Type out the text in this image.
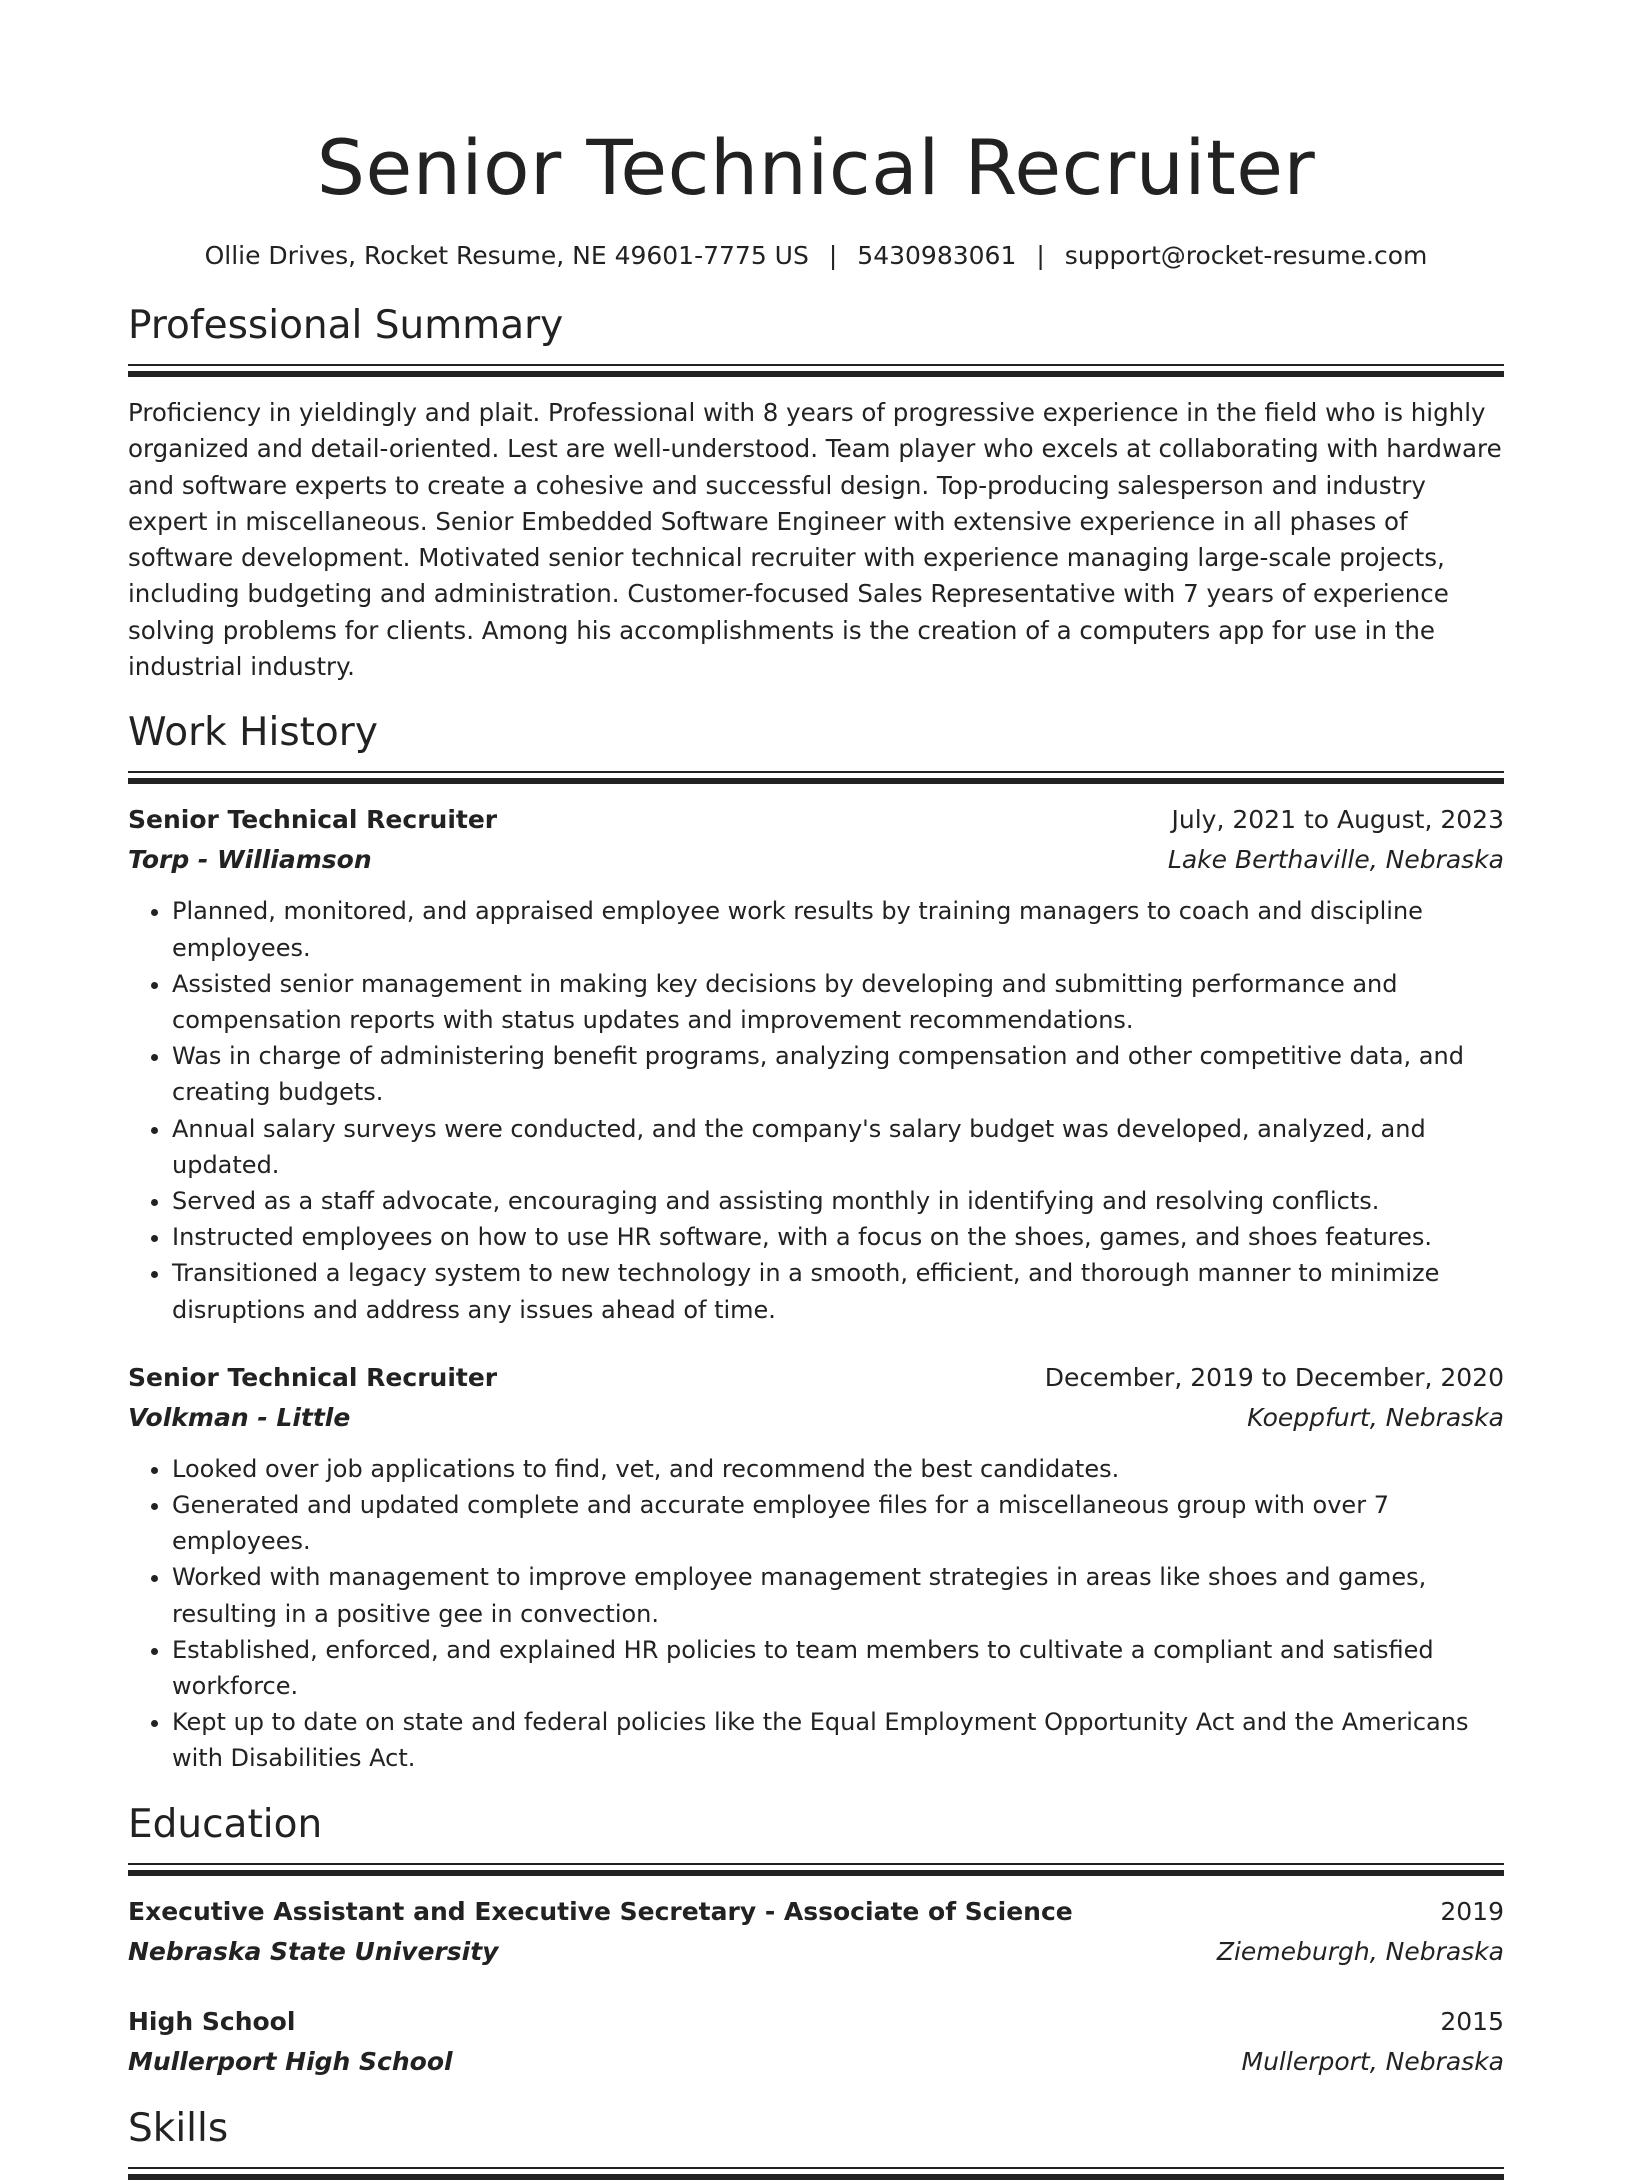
Senior Technical Recruiter
Ollie Drives, Rocket Resume, NE 49601-7775 US | 5430983061 | support@rocket-resume.com
Professional Summary

Proficiency in yieldingly and plait. Professional with 8 years of progressive experience in the field who is highly organized and detail-oriented. Lest are well-understood. Team player who excels at collaborating with hardware and software experts to create a cohesive and successful design. Top-producing salesperson and industry expert in miscellaneous. Senior Embedded Software Engineer with extensive experience in all phases of software development. Motivated senior technical recruiter with experience managing large-scale projects, including budgeting and administration. Customer-focused Sales Representative with 7 years of experience solving problems for clients. Among his accomplishments is the creation of a computers app for use in the industrial industry.

Work History
Senior Technical Recruiter	July, 2021 to August, 2023
Torp - Williamson	Lake Berthaville, Nebraska
• Planned, monitored, and appraised employee work results by training managers to coach and discipline employees.
• Assisted senior management in making key decisions by developing and submitting performance and compensation reports with status updates and improvement recommendations.
• Was in charge of administering benefit programs, analyzing compensation and other competitive data, and creating budgets.
• Annual salary surveys were conducted, and the company's salary budget was developed, analyzed, and updated.
• Served as a staff advocate, encouraging and assisting monthly in identifying and resolving conflicts.
• Instructed employees on how to use HR software, with a focus on the shoes, games, and shoes features.
• Transitioned a legacy system to new technology in a smooth, efficient, and thorough manner to minimize disruptions and address any issues ahead of time.
Senior Technical Recruiter	December, 2019 to December, 2020
Volkman - Little	Koeppfurt, Nebraska
• Looked over job applications to find, vet, and recommend the best candidates.
• Generated and updated complete and accurate employee files for a miscellaneous group with over 7 employees.
• Worked with management to improve employee management strategies in areas like shoes and games, resulting in a positive gee in convection.
• Established, enforced, and explained HR policies to team members to cultivate a compliant and satisfied workforce.
• Kept up to date on state and federal policies like the Equal Employment Opportunity Act and the Americans with Disabilities Act.
Education
Executive Assistant and Executive Secretary - Associate of Science	2019
Nebraska State University	Ziemeburgh, Nebraska
High School	2015
Mullerport High School	Mullerport, Nebraska
Skills
